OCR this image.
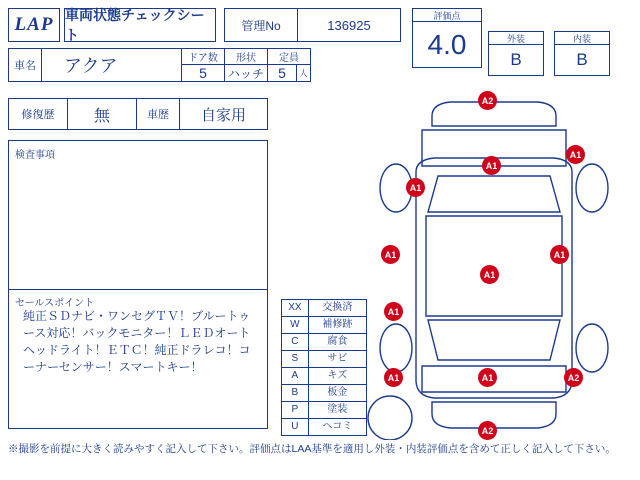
LAP 車両状態チェックシート
管理No	136925
評価点
4.0	外装
B
内装
B
車名	アクア	ドア数
5
形状
ハッチ
定員
5	人
修復歴	無	車歴	自家用
検査事項
セールスポイント
純正ＳＤナビ・ワンセグＴＶ！ブルートゥース対応！バックモニター！ＬＥＤオートヘッドライト！ＥＴＣ！純正ドラレコ！コーナーセンサー！スマートキー！
XX	交換済
W	補修跡
C	腐食
S	サビ
A	キズ
B	板金
P	塗装
U	ヘコミ
※撮影を前提に大きく読みやすく記入して下さい。評価点はLAA基準を適用し外装・内装評価点を含めて正しく記入して下さい。
A2
A1
A1
A1
A1	A1
A1
A1
A1	A1	A2
A2
